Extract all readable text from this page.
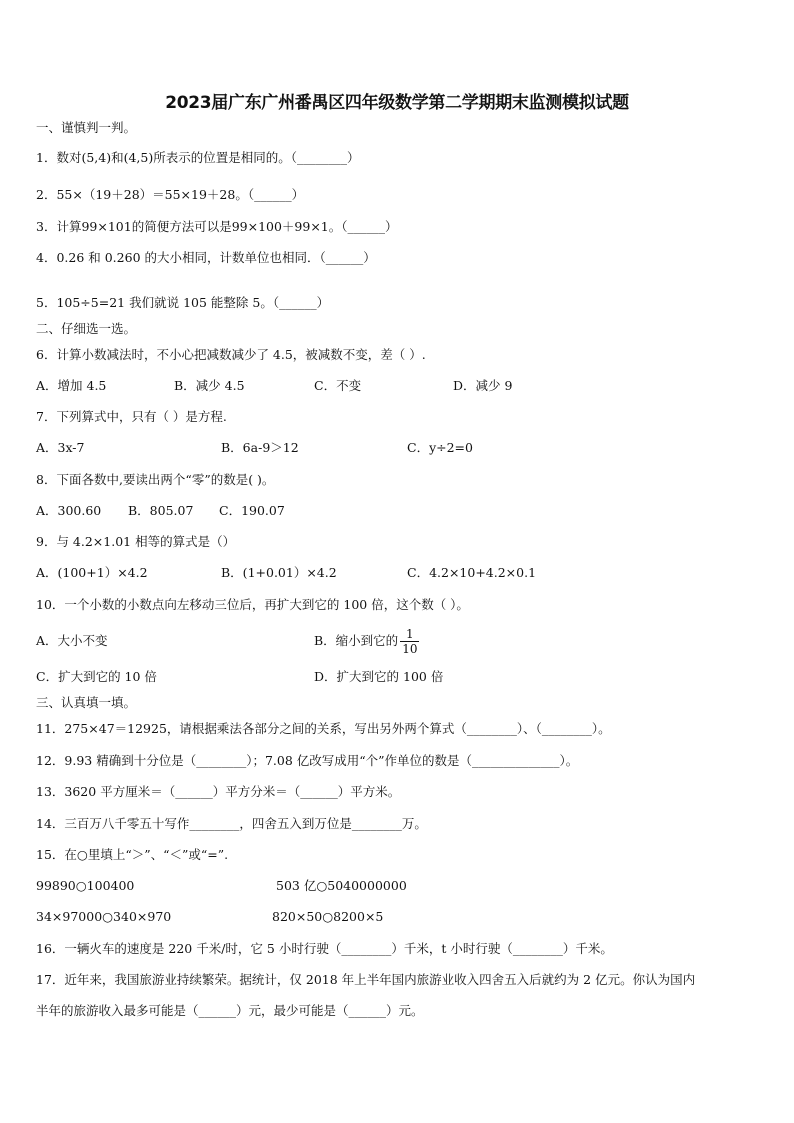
2023届广东广州番禺区四年级数学第二学期期末监测模拟试题
一、谨慎判一判。
1．数对(5,4)和(4,5)所表示的位置是相同的。（________）
2．55×（19＋28）＝55×19＋28。（______）
3．计算99×101的简便方法可以是99×100＋99×1。（______）
4．0.26 和 0.260 的大小相同，计数单位也相同．（______）
5．105÷5=21 我们就说 105 能整除 5。（______）
二、仔细选一选。
6．计算小数减法时，不小心把减数减少了 4.5，被减数不变，差（ ）.
A．增加 4.5	B．减少 4.5	C．不变	D．减少 9
7．下列算式中，只有（ ）是方程.
A．3x-7	B．6a-9＞12	C．y÷2=0
8．下面各数中,要读出两个“零”的数是( )。
A．300.60 B．805.07 C．190.07
9．与 4.2×1.01 相等的算式是（）
A．(100+1）×4.2	B．(1+0.01）×4.2	C．4.2×10+4.2×0.1
10．一个小数的小数点向左移动三位后，再扩大到它的 100 倍，这个数（ ）。
A．大小不变	B．缩小到它的 $\frac{1}{10}$
C．扩大到它的 10 倍	D．扩大到它的 100 倍
三、认真填一填。
11．275×47＝12925，请根据乘法各部分之间的关系，写出另外两个算式（________）、（________）。
12．9.93 精确到十分位是（________）；7.08 亿改写成用“个”作单位的数是（______________）。
13．3620 平方厘米＝（______）平方分米＝（______）平方米。
14．三百万八千零五十写作________，四舍五入到万位是________万。
15．在○里填上“＞”、“＜”或“=”.
99890○100400	503 亿○5040000000
34×97000○340×970	820×50○8200×5
16．一辆火车的速度是 220 千米/时，它 5 小时行驶（________）千米，t 小时行驶（________）千米。
17．近年来，我国旅游业持续繁荣。据统计，仅 2018 年上半年国内旅游业收入四舍五入后就约为 2 亿元。你认为国内
半年的旅游收入最多可能是（______）元，最少可能是（______）元。
